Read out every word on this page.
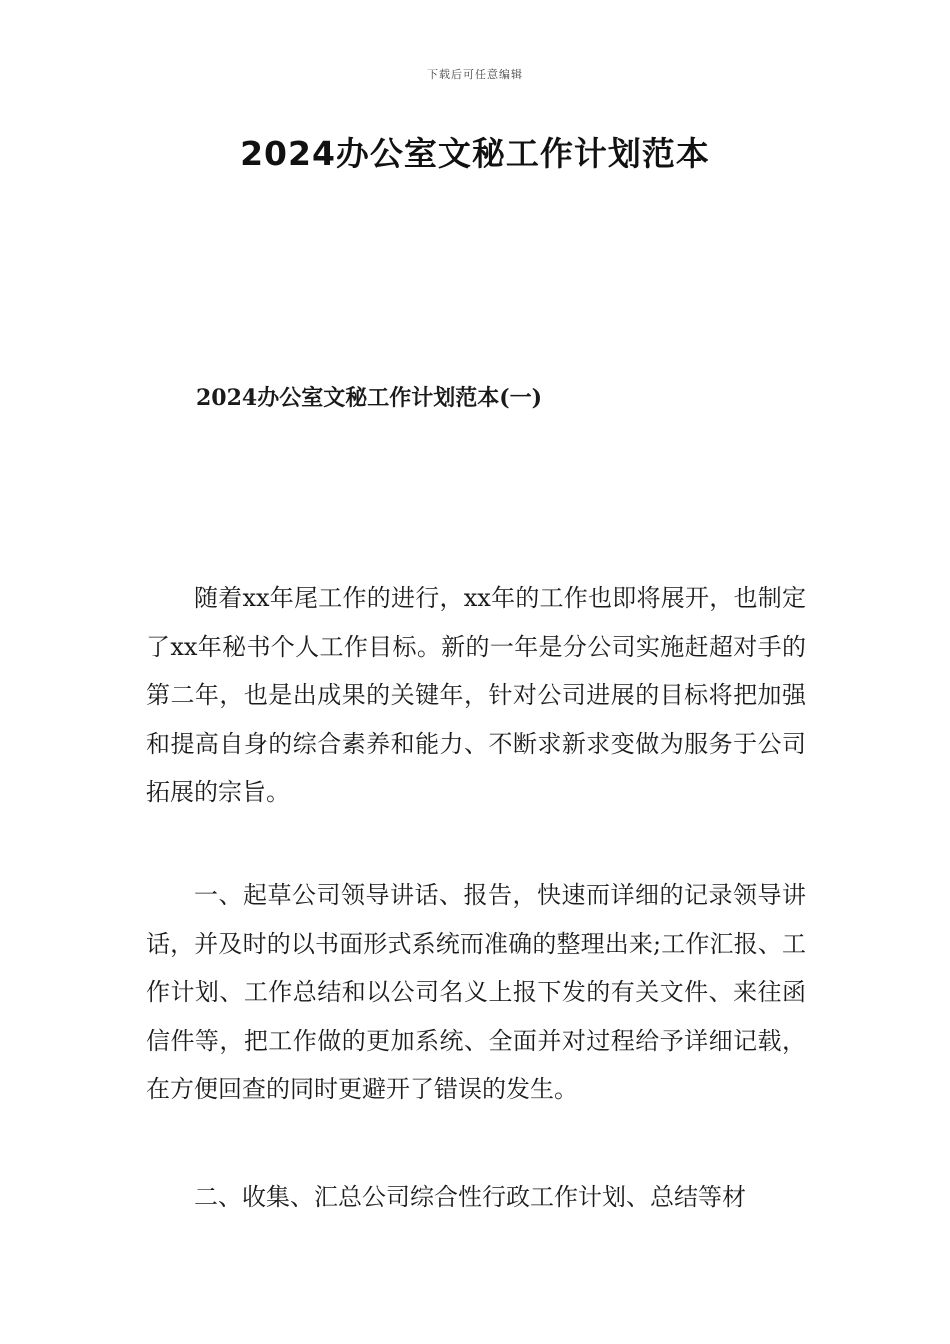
下载后可任意编辑
2024办公室文秘工作计划范本
2024办公室文秘工作计划范本(一)

随着xx年尾工作的进行，xx年的工作也即将展开，也制定了xx年秘书个人工作目标。新的一年是分公司实施赶超对手的第二年，也是出成果的关键年，针对公司进展的目标将把加强和提高自身的综合素养和能力、不断求新求变做为服务于公司拓展的宗旨。

一、起草公司领导讲话、报告，快速而详细的记录领导讲话，并及时的以书面形式系统而准确的整理出来;工作汇报、工作计划、工作总结和以公司名义上报下发的有关文件、来往函信件等，把工作做的更加系统、全面并对过程给予详细记载，在方便回查的同时更避开了错误的发生。

二、收集、汇总公司综合性行政工作计划、总结等材
